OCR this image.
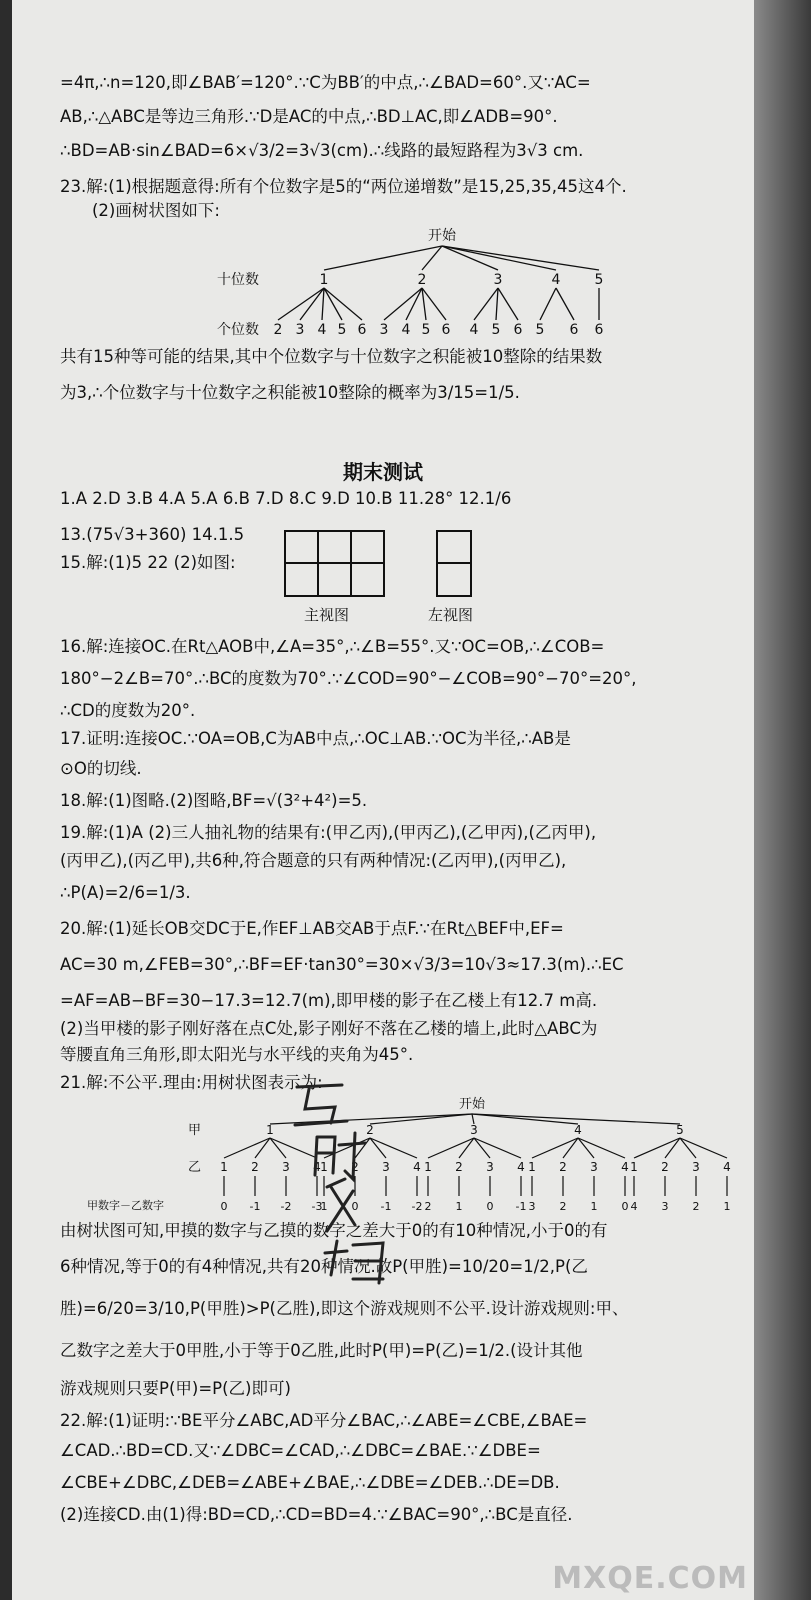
=4π,∴n=120,即∠BAB′=120°.∵C为BB′的中点,∴∠BAD=60°.又∵AC=
AB,∴△ABC是等边三角形.∵D是AC的中点,∴BD⊥AC,即∠ADB=90°.
∴BD=AB·sin∠BAD=6×√3/2=3√3(cm).∴线路的最短路程为3√3 cm.
23.解:(1)根据题意得:所有个位数字是5的“两位递增数”是15,25,35,45这4个.
(2)画树状图如下:
开始
十位数
个位数
1
2 3 4 5 6
2
3 4 5 6
3
4 5 6
4
5 6
5
6
共有15种等可能的结果,其中个位数字与十位数字之积能被10整除的结果数
为3,∴个位数字与十位数字之积能被10整除的概率为3/15=1/5.
期末测试
1.A 2.D 3.B 4.A 5.A 6.B 7.D 8.C 9.D 10.B 11.28° 12.1/6
13.(75√3+360) 14.1.5
15.解:(1)5 22 (2)如图:
主视图	左视图
16.解:连接OC.在Rt△AOB中,∠A=35°,∴∠B=55°.又∵OC=OB,∴∠COB=
180°−2∠B=70°.∴BC的度数为70°.∵∠COD=90°−∠COB=90°−70°=20°,
∴CD的度数为20°.
17.证明:连接OC.∵OA=OB,C为AB中点,∴OC⊥AB.∵OC为半径,∴AB是
⊙O的切线.
18.解:(1)图略.(2)图略,BF=√(3²+4²)=5.
19.解:(1)A (2)三人抽礼物的结果有:(甲乙丙),(甲丙乙),(乙甲丙),(乙丙甲),
(丙甲乙),(丙乙甲),共6种,符合题意的只有两种情况:(乙丙甲),(丙甲乙),
∴P(A)=2/6=1/3.
20.解:(1)延长OB交DC于E,作EF⊥AB交AB于点F.∵在Rt△BEF中,EF=
AC=30 m,∠FEB=30°,∴BF=EF·tan30°=30×√3/3=10√3≈17.3(m).∴EC
=AF=AB−BF=30−17.3=12.7(m),即甲楼的影子在乙楼上有12.7 m高.
(2)当甲楼的影子刚好落在点C处,影子刚好不落在乙楼的墙上,此时△ABC为
等腰直角三角形,即太阳光与水平线的夹角为45°.
21.解:不公平.理由:用树状图表示为:
开始
甲
乙
甲数字－乙数字
1
1
0
2
-1
3
-2
4
-3
2
1
1
2
0
3
-1
4
-2
3
1
2
2
1
3
0
4
-1
4
1
3
2
2
3
1
4
0
5
1
4
2
3
3
2
4
1
由树状图可知,甲摸的数字与乙摸的数字之差大于0的有10种情况,小于0的有
6种情况,等于0的有4种情况,共有20种情况.故P(甲胜)=10/20=1/2,P(乙
胜)=6/20=3/10,P(甲胜)>P(乙胜),即这个游戏规则不公平.设计游戏规则:甲、
乙数字之差大于0甲胜,小于等于0乙胜,此时P(甲)=P(乙)=1/2.(设计其他
游戏规则只要P(甲)=P(乙)即可)
22.解:(1)证明:∵BE平分∠ABC,AD平分∠BAC,∴∠ABE=∠CBE,∠BAE=
∠CAD.∴BD=CD.又∵∠DBC=∠CAD,∴∠DBC=∠BAE.∵∠DBE=
∠CBE+∠DBC,∠DEB=∠ABE+∠BAE,∴∠DBE=∠DEB.∴DE=DB.
(2)连接CD.由(1)得:BD=CD,∴CD=BD=4.∵∠BAC=90°,∴BC是直径.
MXQE.COM
